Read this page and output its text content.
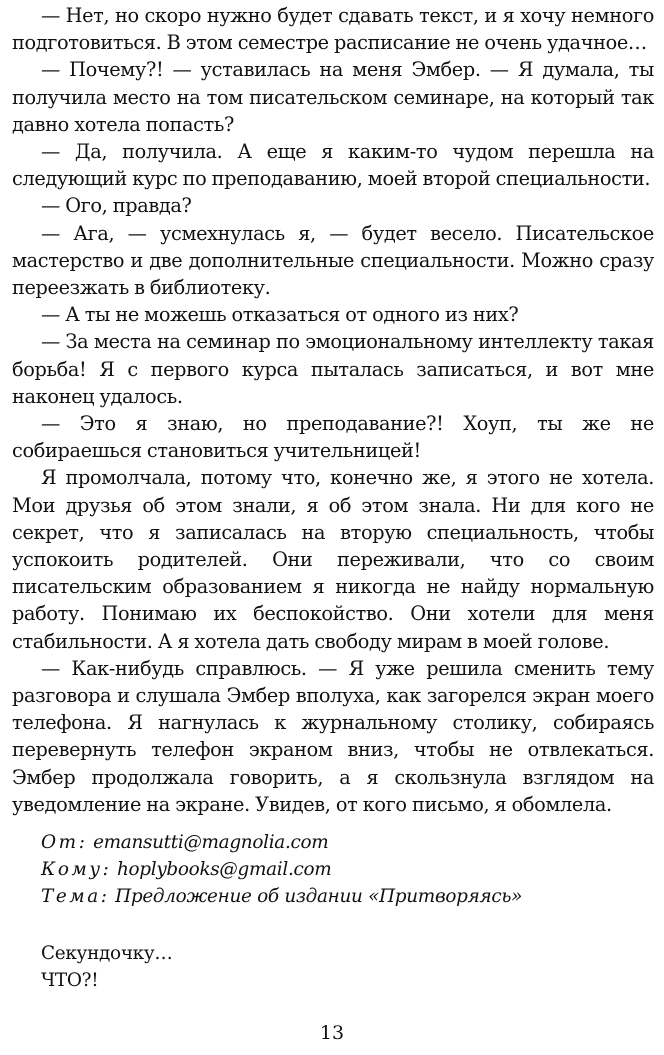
— Нет, но скоро нужно будет сдавать текст, и я хочу немного подготовиться. В этом семестре расписание не очень удачное…

— Почему?! — уставилась на меня Эмбер. — Я думала, ты получила место на том писательском семинаре, на который так давно хотела попасть?

— Да, получила. А еще я каким-то чудом перешла на следующий курс по преподаванию, моей второй специальности.

— Ого, правда?

— Ага, — усмехнулась я, — будет весело. Писательское мастерство и две дополнительные специальности. Можно сразу переезжать в библиотеку.

— А ты не можешь отказаться от одного из них?

— За места на семинар по эмоциональному интеллекту такая борьба! Я с первого курса пыталась записаться, и вот мне наконец удалось.

— Это я знаю, но преподавание?! Хоуп, ты же не собираешься становиться учительницей!

Я промолчала, потому что, конечно же, я этого не хотела. Мои друзья об этом знали, я об этом знала. Ни для кого не секрет, что я записалась на вторую специальность, чтобы успокоить родителей. Они переживали, что со своим писательским образованием я никогда не найду нормальную работу. Понимаю их беспокойство. Они хотели для меня стабильности. А я хотела дать свободу мирам в моей голове.

— Как-нибудь справлюсь. — Я уже решила сменить тему разговора и слушала Эмбер вполуха, как загорелся экран моего телефона. Я нагнулась к журнальному столику, собираясь перевернуть телефон экраном вниз, чтобы не отвлекаться. Эмбер продолжала говорить, а я скользнула взглядом на уведомление на экране. Увидев, от кого письмо, я обомлела.

От: emansutti@magnolia.com
Кому: hoplybooks@gmail.com
Тема: Предложение об издании «Притворяясь»
Секундочку…
ЧТО?!
13
